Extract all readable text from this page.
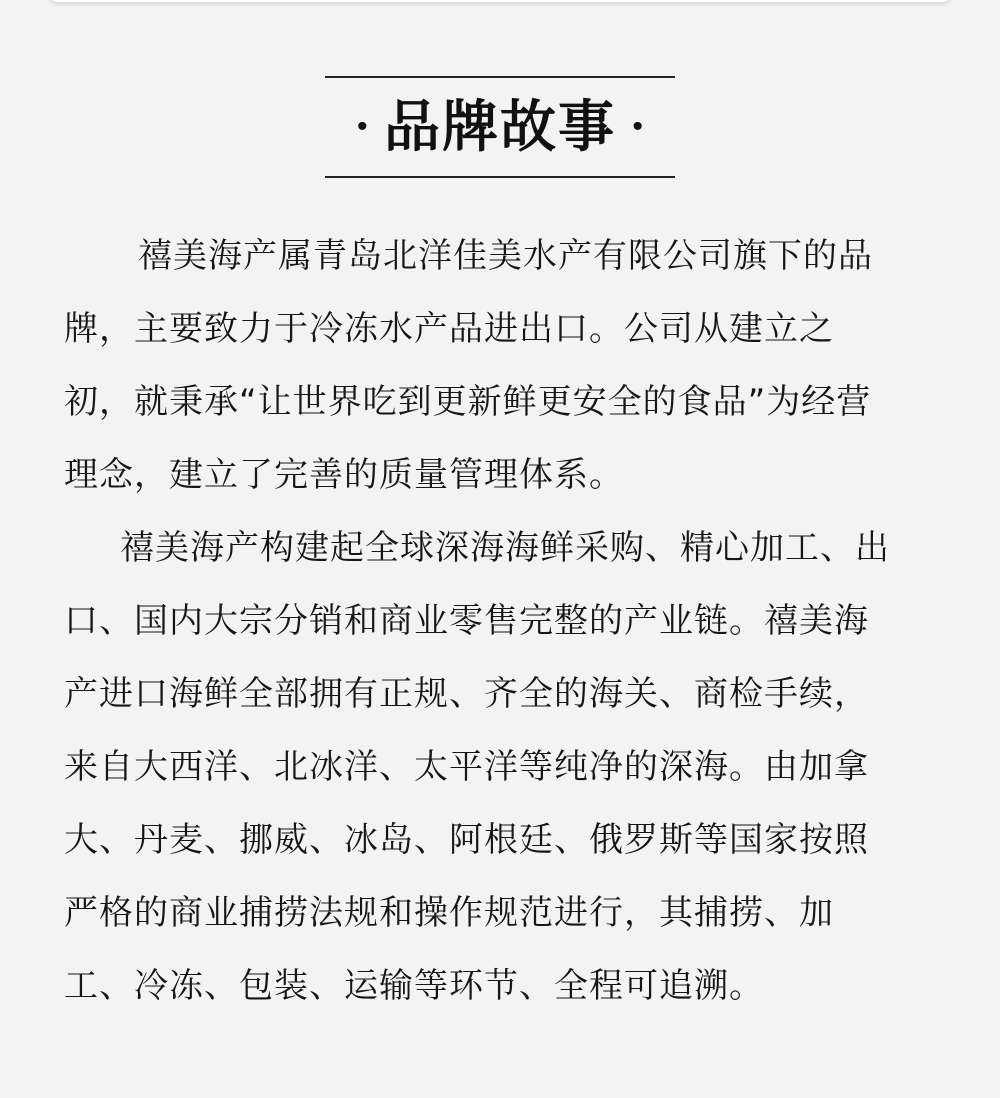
· 品牌故事 ·

禧美海产属青岛北洋佳美水产有限公司旗下的品
牌，主要致力于冷冻水产品进出口。公司从建立之
初，就秉承“让世界吃到更新鲜更安全的食品”为经营
理念，建立了完善的质量管理体系。

禧美海产构建起全球深海海鲜采购、精心加工、出
口、国内大宗分销和商业零售完整的产业链。禧美海
产进口海鲜全部拥有正规、齐全的海关、商检手续，
来自大西洋、北冰洋、太平洋等纯净的深海。由加拿
大、丹麦、挪威、冰岛、阿根廷、俄罗斯等国家按照
严格的商业捕捞法规和操作规范进行，其捕捞、加
工、冷冻、包装、运输等环节、全程可追溯。
